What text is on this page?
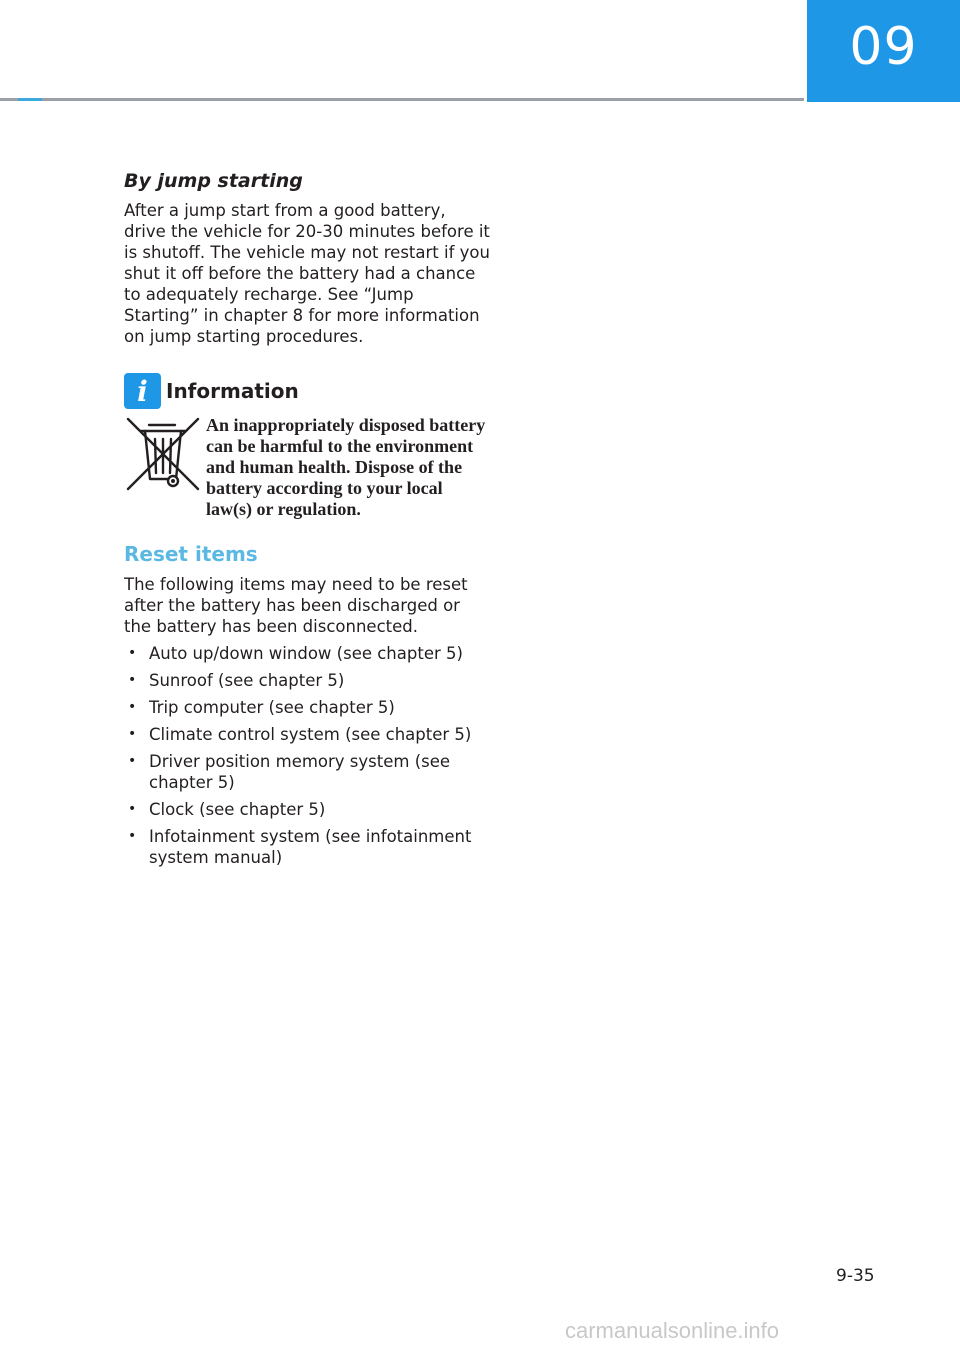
09
By jump starting

After a jump start from a good battery, drive the vehicle for 20-30 minutes before it is shutoff. The vehicle may not restart if you shut it off before the battery had a chance to adequately recharge. See “Jump Starting” in chapter 8 for more information on jump starting procedures.

i Information

An inappropriately disposed battery can be harmful to the environment and human health. Dispose of the battery according to your local law(s) or regulation.

Reset items

The following items may need to be reset after the battery has been discharged or the battery has been disconnected.

• Auto up/down window (see chapter 5)
• Sunroof (see chapter 5)
• Trip computer (see chapter 5)
• Climate control system (see chapter 5)
• Driver position memory system (see chapter 5)
• Clock (see chapter 5)
• Infotainment system (see infotainment system manual)
9-35
carmanualsonline.info
